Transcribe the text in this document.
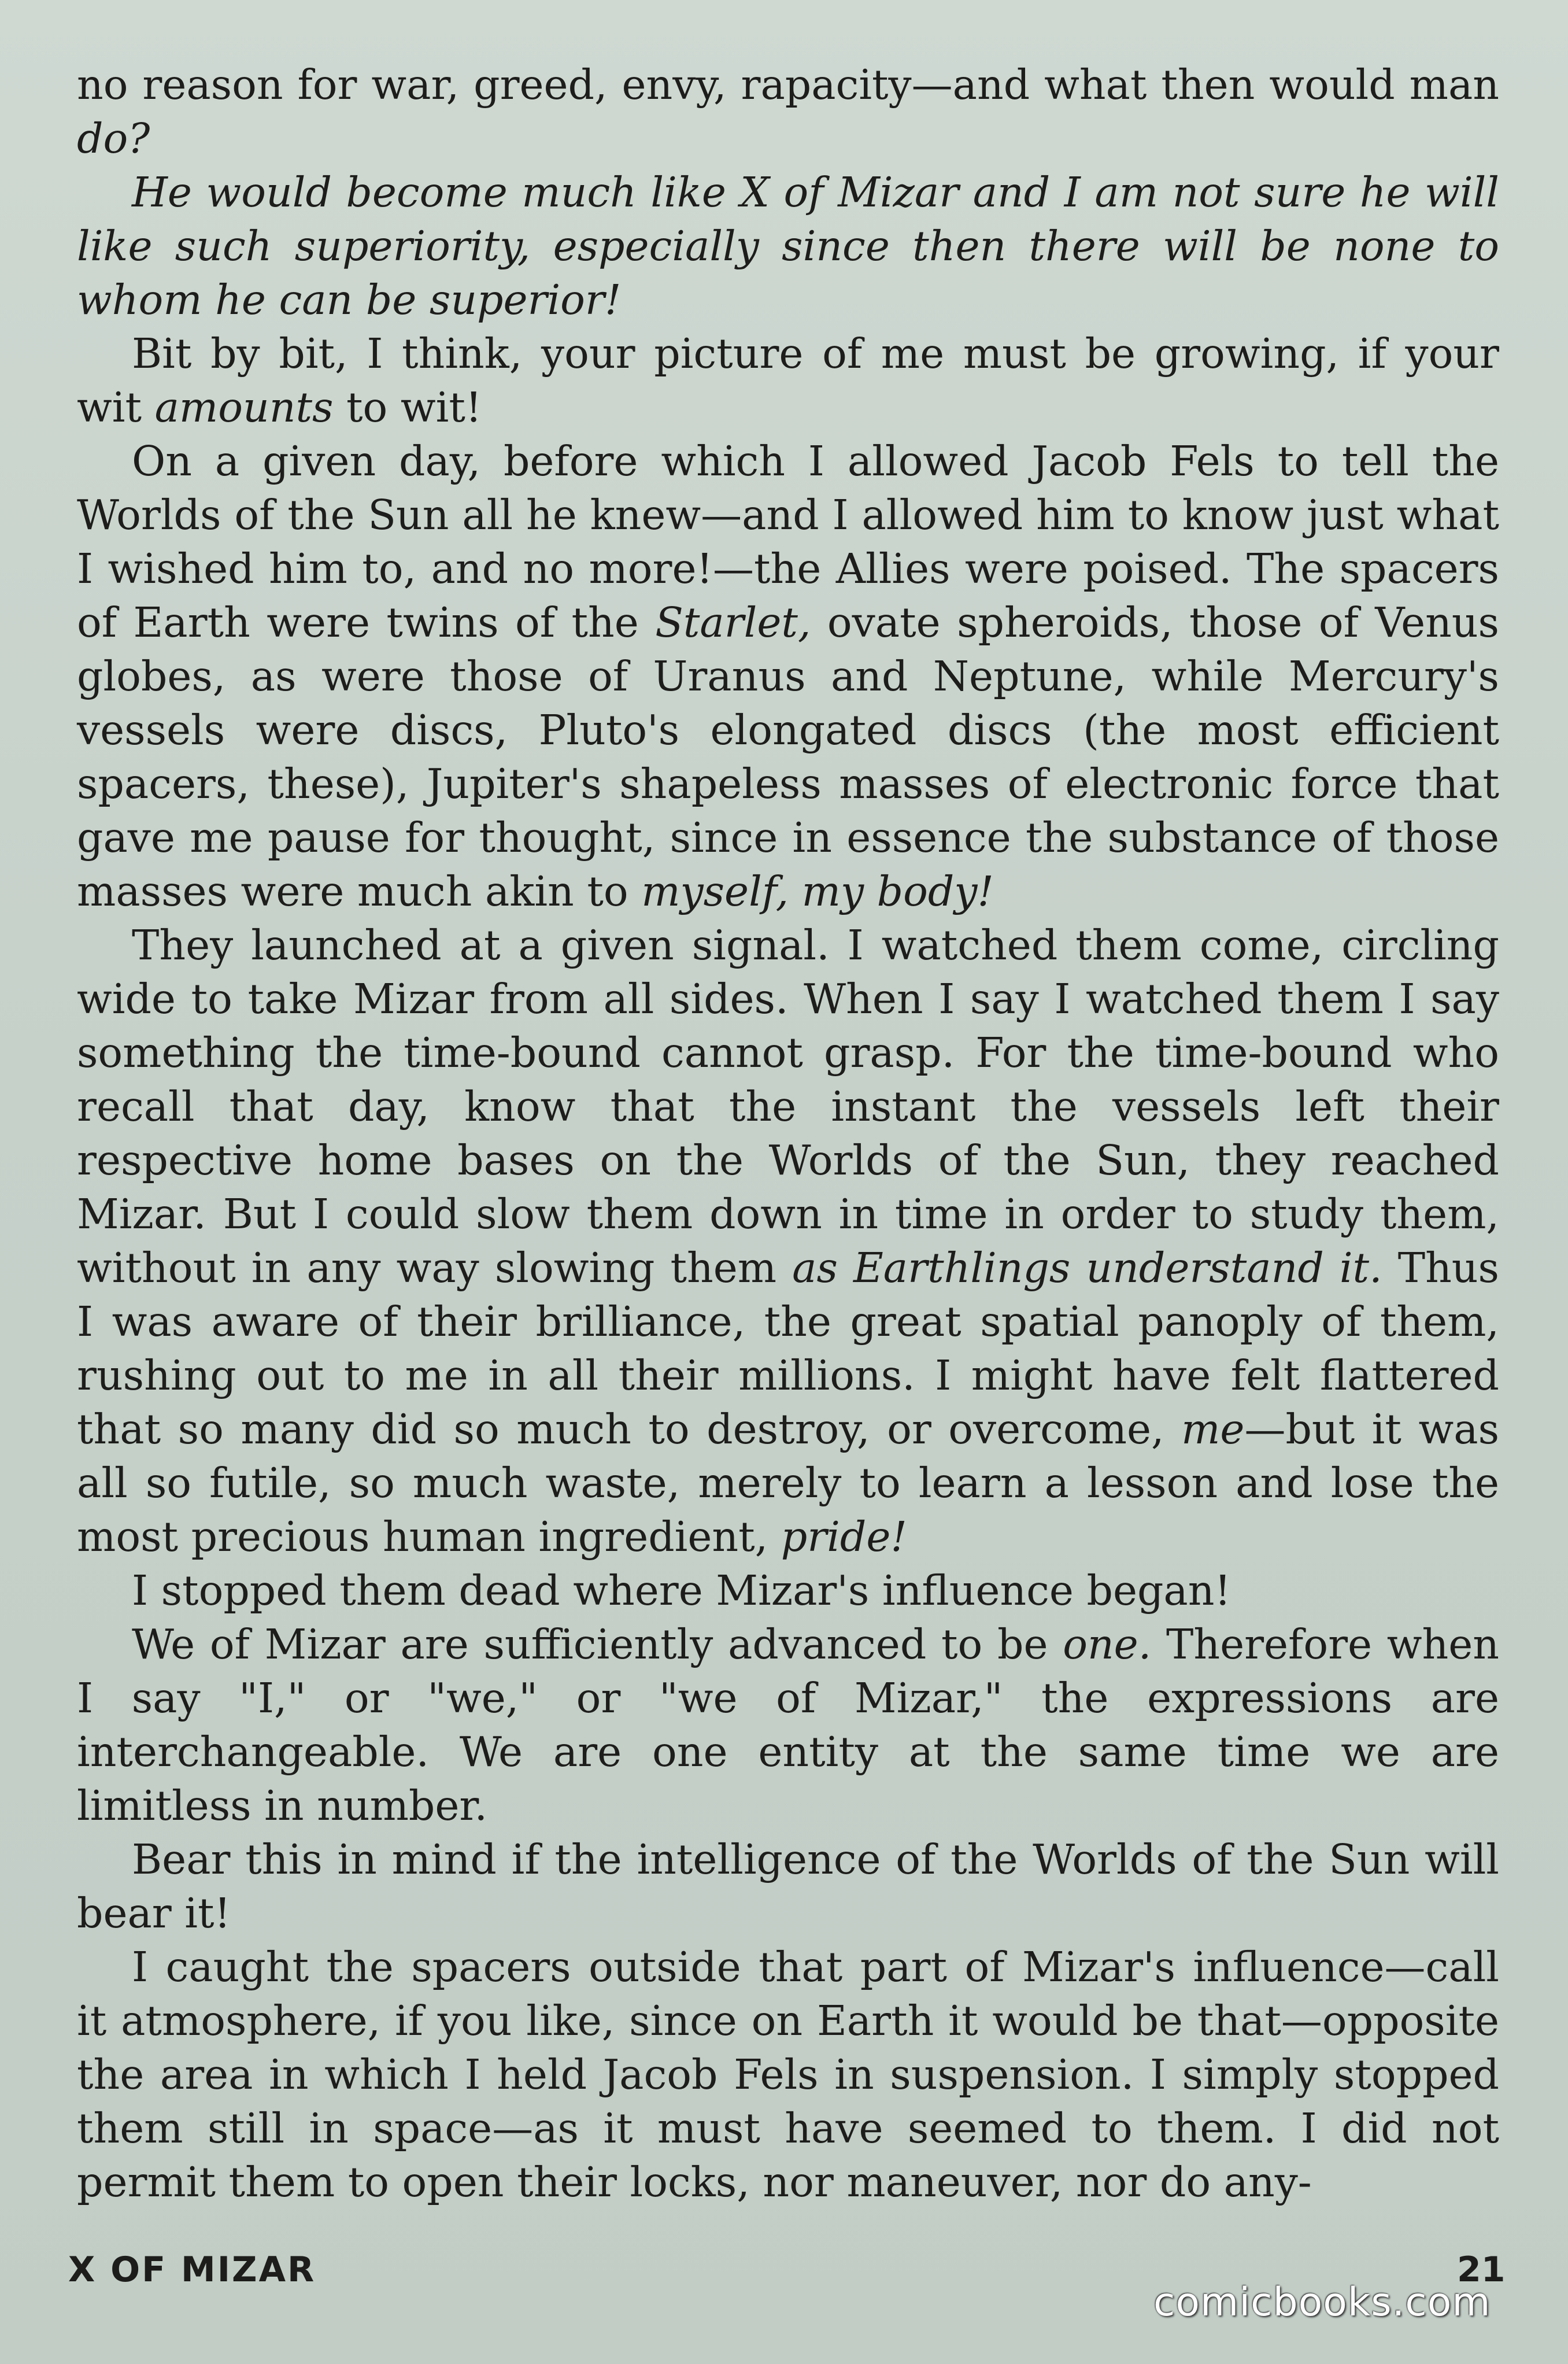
no reason for war, greed, envy, rapacity—and what then would man do?

He would become much like X of Mizar and I am not sure he will like such superiority, especially since then there will be none to whom he can be superior!

Bit by bit, I think, your picture of me must be growing, if your wit amounts to wit!

On a given day, before which I allowed Jacob Fels to tell the Worlds of the Sun all he knew—and I allowed him to know just what I wished him to, and no more!—the Allies were poised. The spacers of Earth were twins of the Starlet, ovate spheroids, those of Venus globes, as were those of Uranus and Neptune, while Mercury's vessels were discs, Pluto's elongated discs (the most efficient spacers, these), Jupiter's shapeless masses of electronic force that gave me pause for thought, since in essence the substance of those masses were much akin to myself, my body!

They launched at a given signal. I watched them come, circling wide to take Mizar from all sides. When I say I watched them I say something the time-bound cannot grasp. For the time-bound who recall that day, know that the instant the vessels left their respective home bases on the Worlds of the Sun, they reached Mizar. But I could slow them down in time in order to study them, without in any way slowing them as Earthlings understand it. Thus I was aware of their brilliance, the great spatial panoply of them, rushing out to me in all their millions. I might have felt flattered that so many did so much to destroy, or overcome, me—but it was all so futile, so much waste, merely to learn a lesson and lose the most precious human ingredient, pride!

I stopped them dead where Mizar's influence began!

We of Mizar are sufficiently advanced to be one. Therefore when I say "I," or "we," or "we of Mizar," the expressions are interchangeable. We are one entity at the same time we are limitless in number.

Bear this in mind if the intelligence of the Worlds of the Sun will bear it!

I caught the spacers outside that part of Mizar's influence—call it atmosphere, if you like, since on Earth it would be that—opposite the area in which I held Jacob Fels in suspension. I simply stopped them still in space—as it must have seemed to them. I did not permit them to open their locks, nor maneuver, nor do any-

X OF MIZAR	21
comicbooks.com
